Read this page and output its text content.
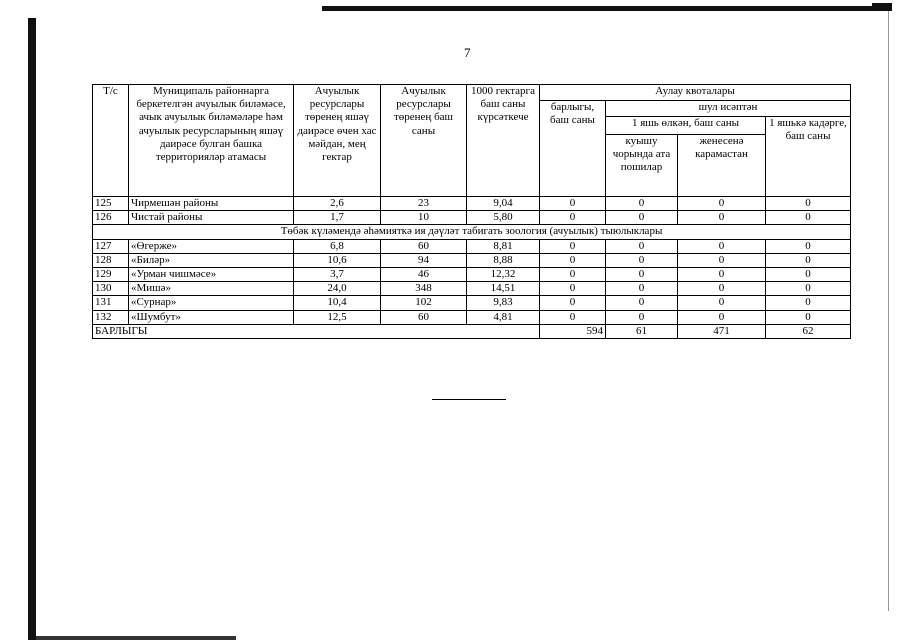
7
Т/с	Муниципаль районнарга беркетелгән ачуылык биләмәсе, ачык ачуылык биләмәләре һәм ачуылык ресурсларының яшәү даирәсе булган башка территорияләр атамасы	Ачуылык ресурслары төренең яшәү даирәсе өчен хас мәйдан, мең гектар	Ачуылык ресурслары төренең баш саны	1000 гектарга баш саны күрсәткече	Аулау квоталары			
					барлыгы, баш саны	шул исәптән		
						1 яшь өлкән, баш саны		1 яшькә кадәрге, баш саны
						куышу чорында ата пошилар	женесенә карамастан	
125	Чирмешән районы	2,6	23	9,04	0	0	0	0
126	Чистай районы	1,7	10	5,80	0	0	0	0
Төбәк күләмендә әһәмияткә ия дәүләт табигать зоология (ачуылык) тыюлыклары								
127	«Өгерже»	6,8	60	8,81	0	0	0	0
128	«Биләр»	10,6	94	8,88	0	0	0	0
129	«Урман чишмәсе»	3,7	46	12,32	0	0	0	0
130	«Мишә»	24,0	348	14,51	0	0	0	0
131	«Сурнар»	10,4	102	9,83	0	0	0	0
132	«Шумбут»	12,5	60	4,81	0	0	0	0
БАРЛЫГЫ					594	61	471	62
